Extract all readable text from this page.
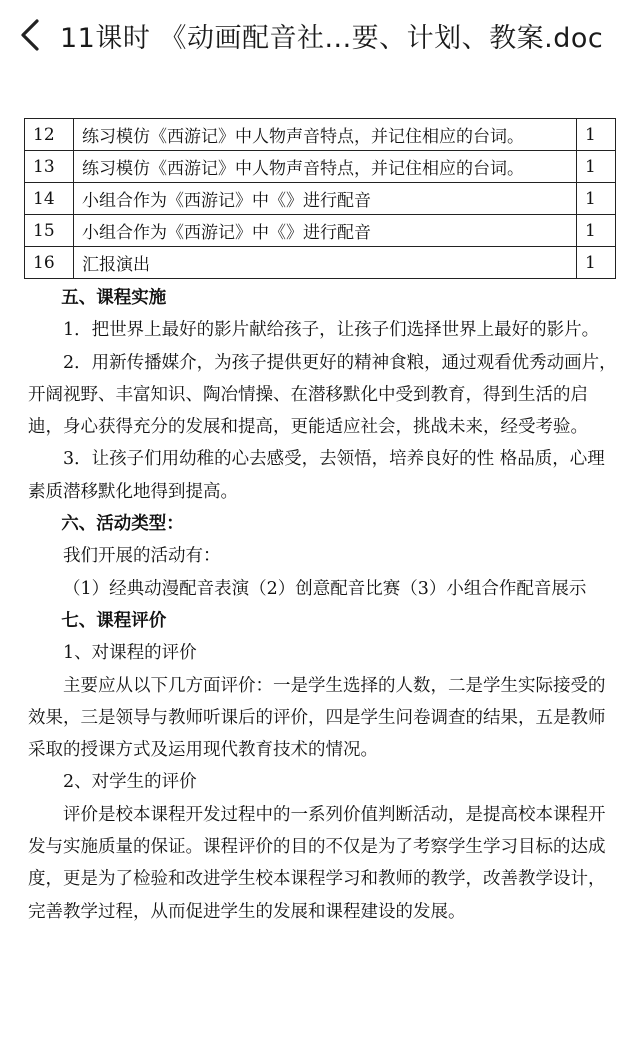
11课时 《动画配音社...要、计划、教案.doc
12	练习模仿《西游记》中人物声音特点，并记住相应的台词。	1
13	练习模仿《西游记》中人物声音特点，并记住相应的台词。	1
14	小组合作为《西游记》中《》进行配音	1
15	小组合作为《西游记》中《》进行配音	1
16	汇报演出	1

五、课程实施

1．把世界上最好的影片献给孩子，让孩子们选择世界上最好的影片。

2．用新传播媒介，为孩子提供更好的精神食粮，通过观看优秀动画片，开阔视野、丰富知识、陶冶情操、在潜移默化中受到教育，得到生活的启迪，身心获得充分的发展和提高，更能适应社会，挑战未来，经受考验。

3．让孩子们用幼稚的心去感受，去领悟，培养良好的性 格品质，心理素质潜移默化地得到提高。

六、活动类型：

我们开展的活动有：

（1）经典动漫配音表演（2）创意配音比赛（3）小组合作配音展示

七、课程评价

1、对课程的评价

主要应从以下几方面评价：一是学生选择的人数，二是学生实际接受的效果，三是领导与教师听课后的评价，四是学生问卷调查的结果，五是教师采取的授课方式及运用现代教育技术的情况。

2、对学生的评价

评价是校本课程开发过程中的一系列价值判断活动，是提高校本课程开发与实施质量的保证。课程评价的目的不仅是为了考察学生学习目标的达成度，更是为了检验和改进学生校本课程学习和教师的教学，改善教学设计，完善教学过程，从而促进学生的发展和课程建设的发展。
